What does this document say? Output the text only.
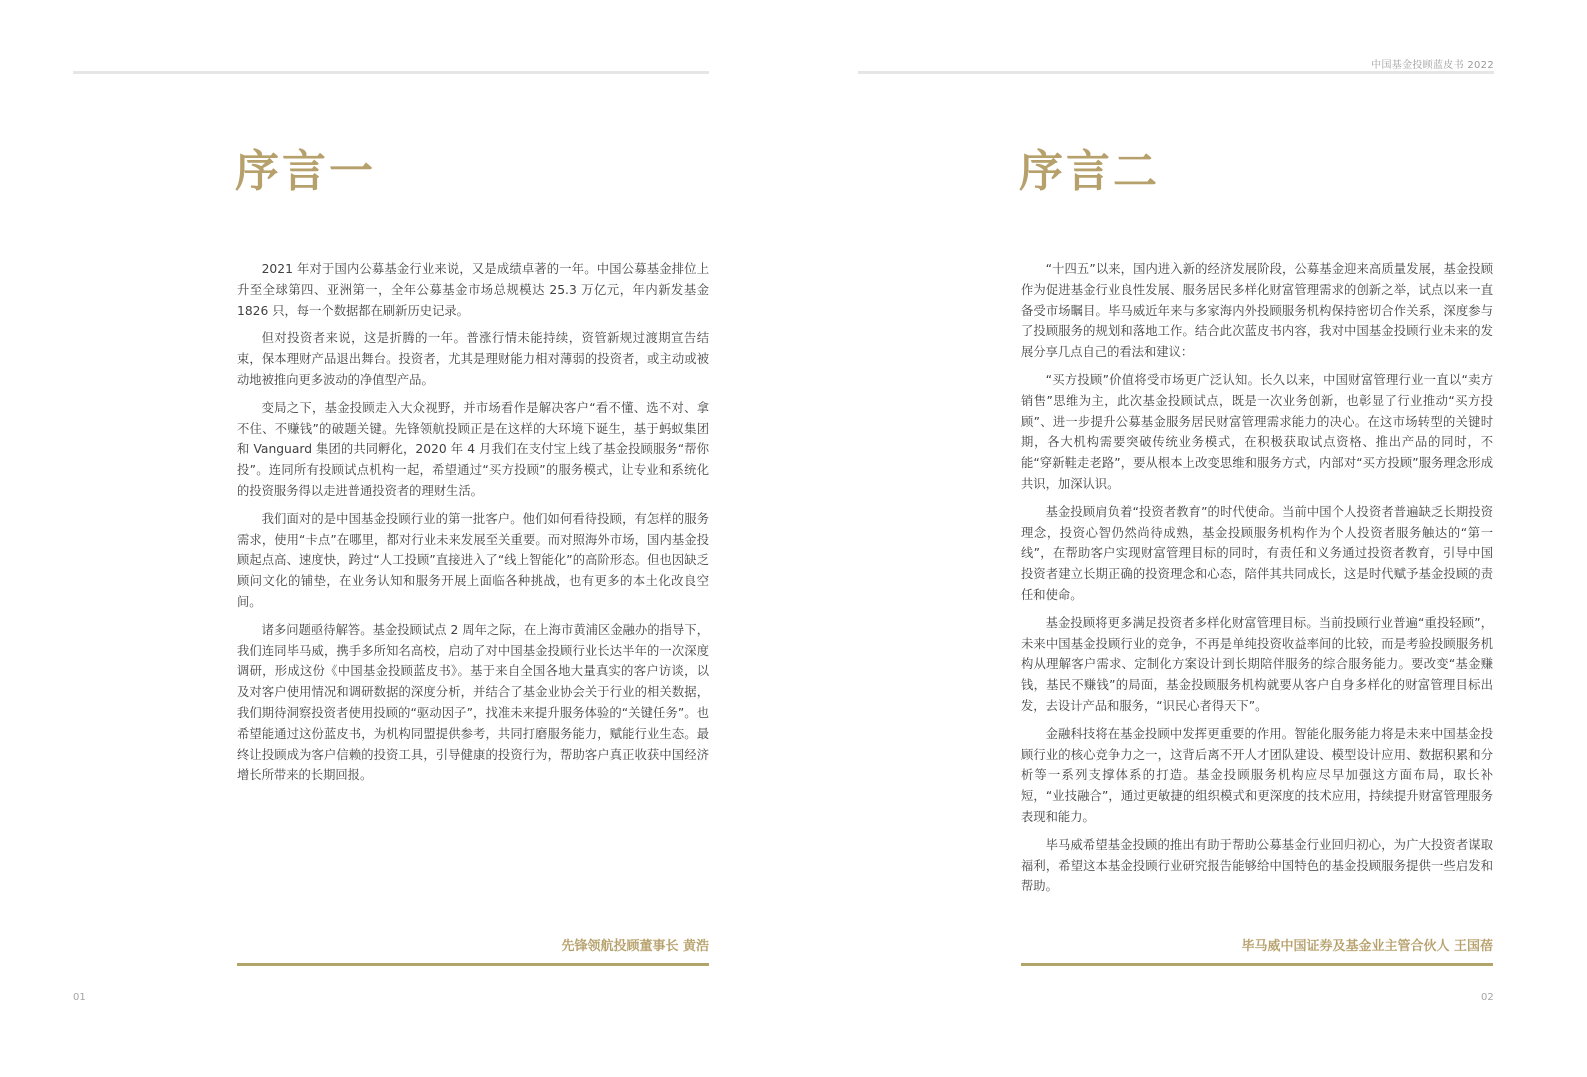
序言一

2021 年对于国内公募基金行业来说，又是成绩卓著的一年。中国公募基金排位上升至全球第四、亚洲第一，全年公募基金市场总规模达 25.3 万亿元，年内新发基金1826 只，每一个数据都在刷新历史记录。

但对投资者来说，这是折腾的一年。普涨行情未能持续，资管新规过渡期宣告结束，保本理财产品退出舞台。投资者，尤其是理财能力相对薄弱的投资者，或主动或被动地被推向更多波动的净值型产品。

变局之下，基金投顾走入大众视野，并市场看作是解决客户“看不懂、选不对、拿不住、不赚钱”的破题关键。先锋领航投顾正是在这样的大环境下诞生，基于蚂蚁集团和 Vanguard 集团的共同孵化，2020 年 4 月我们在支付宝上线了基金投顾服务“帮你投”。连同所有投顾试点机构一起，希望通过“买方投顾”的服务模式，让专业和系统化的投资服务得以走进普通投资者的理财生活。

我们面对的是中国基金投顾行业的第一批客户。他们如何看待投顾，有怎样的服务需求，使用“卡点”在哪里，都对行业未来发展至关重要。而对照海外市场，国内基金投顾起点高、速度快，跨过“人工投顾”直接进入了“线上智能化”的高阶形态。但也因缺乏顾问文化的铺垫，在业务认知和服务开展上面临各种挑战，也有更多的本土化改良空间。

诸多问题亟待解答。基金投顾试点 2 周年之际，在上海市黄浦区金融办的指导下，我们连同毕马威，携手多所知名高校，启动了对中国基金投顾行业长达半年的一次深度调研，形成这份《中国基金投顾蓝皮书》。基于来自全国各地大量真实的客户访谈，以及对客户使用情况和调研数据的深度分析，并结合了基金业协会关于行业的相关数据，我们期待洞察投资者使用投顾的“驱动因子”，找准未来提升服务体验的“关键任务”。也希望能通过这份蓝皮书，为机构同盟提供参考，共同打磨服务能力，赋能行业生态。最终让投顾成为客户信赖的投资工具，引导健康的投资行为，帮助客户真正收获中国经济增长所带来的长期回报。

先锋领航投顾董事长 黄浩
01
中国基金投顾蓝皮书 2022
序言二

“十四五”以来，国内进入新的经济发展阶段，公募基金迎来高质量发展，基金投顾作为促进基金行业良性发展、服务居民多样化财富管理需求的创新之举，试点以来一直备受市场瞩目。毕马威近年来与多家海内外投顾服务机构保持密切合作关系，深度参与了投顾服务的规划和落地工作。结合此次蓝皮书内容，我对中国基金投顾行业未来的发展分享几点自己的看法和建议：

“买方投顾”价值将受市场更广泛认知。长久以来，中国财富管理行业一直以“卖方销售”思维为主，此次基金投顾试点，既是一次业务创新，也彰显了行业推动“买方投顾”、进一步提升公募基金服务居民财富管理需求能力的决心。在这市场转型的关键时期，各大机构需要突破传统业务模式，在积极获取试点资格、推出产品的同时，不能“穿新鞋走老路”，要从根本上改变思维和服务方式，内部对“买方投顾”服务理念形成共识，加深认识。

基金投顾肩负着“投资者教育”的时代使命。当前中国个人投资者普遍缺乏长期投资理念，投资心智仍然尚待成熟，基金投顾服务机构作为个人投资者服务触达的“第一线”，在帮助客户实现财富管理目标的同时，有责任和义务通过投资者教育，引导中国投资者建立长期正确的投资理念和心态，陪伴其共同成长，这是时代赋予基金投顾的责任和使命。

基金投顾将更多满足投资者多样化财富管理目标。当前投顾行业普遍“重投轻顾”，未来中国基金投顾行业的竞争，不再是单纯投资收益率间的比较，而是考验投顾服务机构从理解客户需求、定制化方案设计到长期陪伴服务的综合服务能力。要改变“基金赚钱，基民不赚钱”的局面，基金投顾服务机构就要从客户自身多样化的财富管理目标出发，去设计产品和服务，“识民心者得天下”。

金融科技将在基金投顾中发挥更重要的作用。智能化服务能力将是未来中国基金投顾行业的核心竞争力之一，这背后离不开人才团队建设、模型设计应用、数据积累和分析等一系列支撑体系的打造。基金投顾服务机构应尽早加强这方面布局，取长补短，“业技融合”，通过更敏捷的组织模式和更深度的技术应用，持续提升财富管理服务表现和能力。

毕马威希望基金投顾的推出有助于帮助公募基金行业回归初心，为广大投资者谋取福利，希望这本基金投顾行业研究报告能够给中国特色的基金投顾服务提供一些启发和帮助。

毕马威中国证券及基金业主管合伙人 王国蓓
02
